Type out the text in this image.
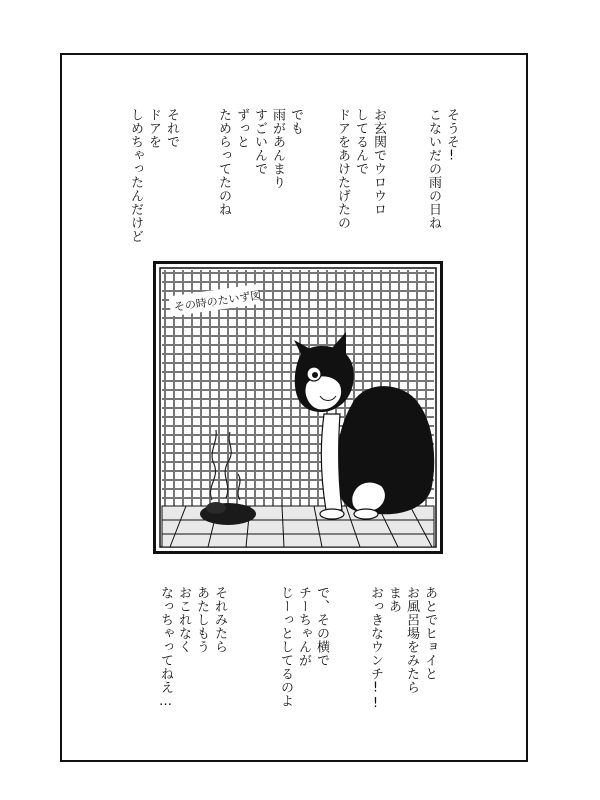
そうそ!
こないだの雨の日ね
お玄関でウロウロ
してるんで
ドアをあけたげたの
でも
雨があんまり
すごいんで
ずっと
ためらってたのね
それで
ドアを
しめちゃったんだけど
その時のたいず図
あとでヒョイと
お風呂場をみたら
まあ
おっきなウンチ!!
で、その横で
チーちゃんが
じーっとしてるのよ
それみたら
あたしもう
おこれなく
なっちゃってねえ…
